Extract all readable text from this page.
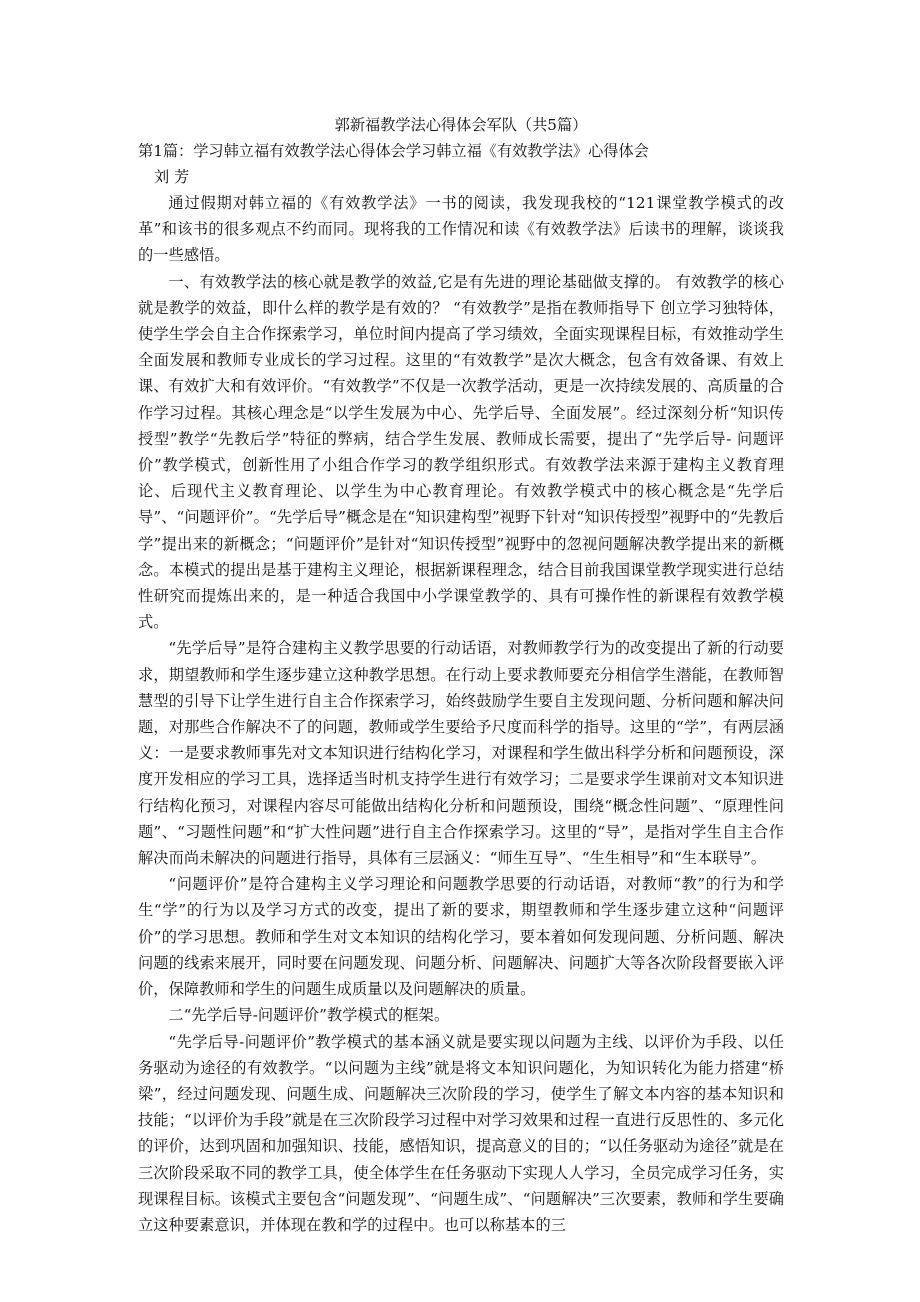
郭新福教学法心得体会军队（共5篇）
第1篇：学习韩立福有效教学法心得体会学习韩立福《有效教学法》心得体会

刘 芳

通过假期对韩立福的《有效教学法》一书的阅读，我发现我校的“121课堂教学模式的改革”和该书的很多观点不约而同。现将我的工作情况和读《有效教学法》后读书的理解，谈谈我的一些感悟。

一、有效教学法的核心就是教学的效益,它是有先进的理论基础做支撑的。 有效教学的核心就是教学的效益，即什么样的教学是有效的？ “有效教学”是指在教师指导下 创立学习独特体，使学生学会自主合作探索学习，单位时间内提高了学习绩效，全面实现课程目标，有效推动学生全面发展和教师专业成长的学习过程。这里的“有效教学”是次大概念，包含有效备课、有效上课、有效扩大和有效评价。“有效教学”不仅是一次教学活动，更是一次持续发展的、高质量的合作学习过程。其核心理念是“以学生发展为中心、先学后导、全面发展”。经过深刻分析“知识传授型”教学“先教后学”特征的弊病，结合学生发展、教师成长需要，提出了“先学后导- 问题评价”教学模式，创新性用了小组合作学习的教学组织形式。有效教学法来源于建构主义教育理论、后现代主义教育理论、以学生为中心教育理论。有效教学模式中的核心概念是“先学后导”、“问题评价”。“先学后导”概念是在“知识建构型”视野下针对“知识传授型”视野中的“先教后学”提出来的新概念；“问题评价”是针对“知识传授型”视野中的忽视问题解决教学提出来的新概念。本模式的提出是基于建构主义理论，根据新课程理念，结合目前我国课堂教学现实进行总结性研究而提炼出来的，是一种适合我国中小学课堂教学的、具有可操作性的新课程有效教学模式。

“先学后导”是符合建构主义教学思要的行动话语，对教师教学行为的改变提出了新的行动要求，期望教师和学生逐步建立这种教学思想。在行动上要求教师要充分相信学生潜能，在教师智慧型的引导下让学生进行自主合作探索学习，始终鼓励学生要自主发现问题、分析问题和解决问题，对那些合作解决不了的问题，教师或学生要给予尺度而科学的指导。这里的“学”，有两层涵义：一是要求教师事先对文本知识进行结构化学习，对课程和学生做出科学分析和问题预设，深度开发相应的学习工具，选择适当时机支持学生进行有效学习；二是要求学生课前对文本知识进行结构化预习，对课程内容尽可能做出结构化分析和问题预设，围绕“概念性问题”、“原理性问题”、“习题性问题”和“扩大性问题”进行自主合作探索学习。这里的“导”，是指对学生自主合作解决而尚未解决的问题进行指导，具体有三层涵义：“师生互导”、“生生相导”和“生本联导”。

“问题评价”是符合建构主义学习理论和问题教学思要的行动话语，对教师“教”的行为和学生“学”的行为以及学习方式的改变，提出了新的要求，期望教师和学生逐步建立这种“问题评价”的学习思想。教师和学生对文本知识的结构化学习，要本着如何发现问题、分析问题、解决问题的线索来展开，同时要在问题发现、问题分析、问题解决、问题扩大等各次阶段督要嵌入评价，保障教师和学生的问题生成质量以及问题解决的质量。

二“先学后导-问题评价”教学模式的框架。

“先学后导-问题评价”教学模式的基本涵义就是要实现以问题为主线、以评价为手段、以任务驱动为途径的有效教学。“以问题为主线”就是将文本知识问题化，为知识转化为能力搭建“桥梁”，经过问题发现、问题生成、问题解决三次阶段的学习，使学生了解文本内容的基本知识和技能；“以评价为手段”就是在三次阶段学习过程中对学习效果和过程一直进行反思性的、多元化的评价，达到巩固和加强知识、技能，感悟知识，提高意义的目的；“以任务驱动为途径”就是在三次阶段采取不同的教学工具，使全体学生在任务驱动下实现人人学习，全员完成学习任务，实现课程目标。该模式主要包含“问题发现”、“问题生成”、“问题解决”三次要素，教师和学生要确立这种要素意识，并体现在教和学的过程中。也可以称基本的三
